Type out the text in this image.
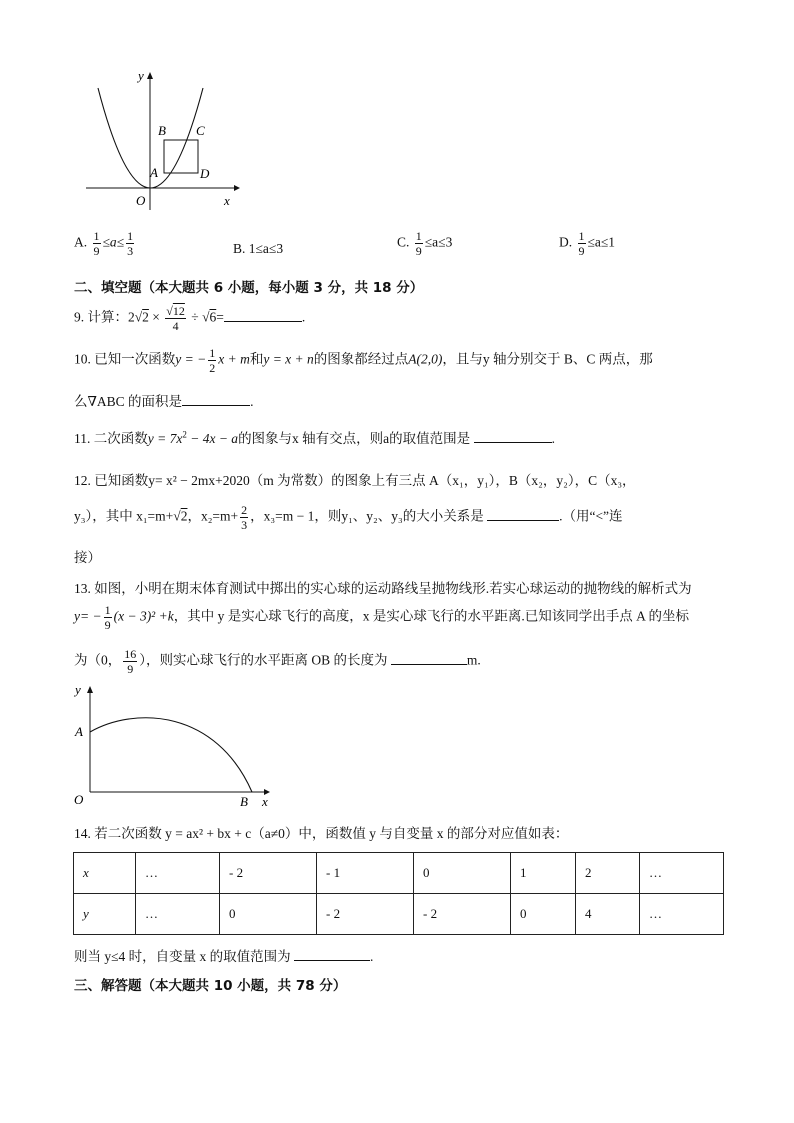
y
x
O
A
B C
D
A. $\frac{1}{9} \le a\le \frac{1}{3}$	B. 1≤a≤3	C. $\frac{1}{9} \le a\le 3$	D. $\frac{1}{9} \le a\le 1$
二、填空题（本大题共 6 小题，每小题 3 分，共 18 分）
9. 计算：$2√2 \times \frac{√12}{4} \div √6=$	.
10. 已知一次函数y = − $\frac{1}{2}$ x + m和y = x + n的图象都经过点A(2,0)，且与y 轴分别交于 B、C 两点，那
么∇ABC 的面积是	.
11. 二次函数$y = 7x^2 - 4x - a$的图象与x 轴有交点，则a的取值范围是	.
12. 已知函数y= x² − 2mx+2020（m 为常数）的图象上有三点 A（x₁，y₁），B（x₂，y₂），C（x₃，
y₃），其中 x₁=m+√2，$x_2=m+ \frac{2}{3}$ ，x₃=m − 1，则y₁、y₂、y₃的大小关系是	.（用“<”连
接）
13. 如图，小明在期末体育测试中掷出的实心球的运动路线呈抛物线形.若实心球运动的抛物线的解析式为
$y= - \frac{1}{9} (x - 3)^2 +k$，其中 y 是实心球飞行的高度，x 是实心球飞行的水平距离.已知该同学出手点 A 的坐标
为（0， $\frac{16}{9}$ ），则实心球飞行的水平距离 OB 的长度为	m.
y
A
O	B x
14. 若二次函数 y = ax² + bx + c（a≠0）中，函数值 y 与自变量 x 的部分对应值如表：
x	…	‐ 2	‐ 1	0	1	2	…
y	…	0	‐ 2	‐ 2	0	4	…
则当 y≤4 时，自变量 x 的取值范围为	.
三、解答题（本大题共 10 小题，共 78 分）
